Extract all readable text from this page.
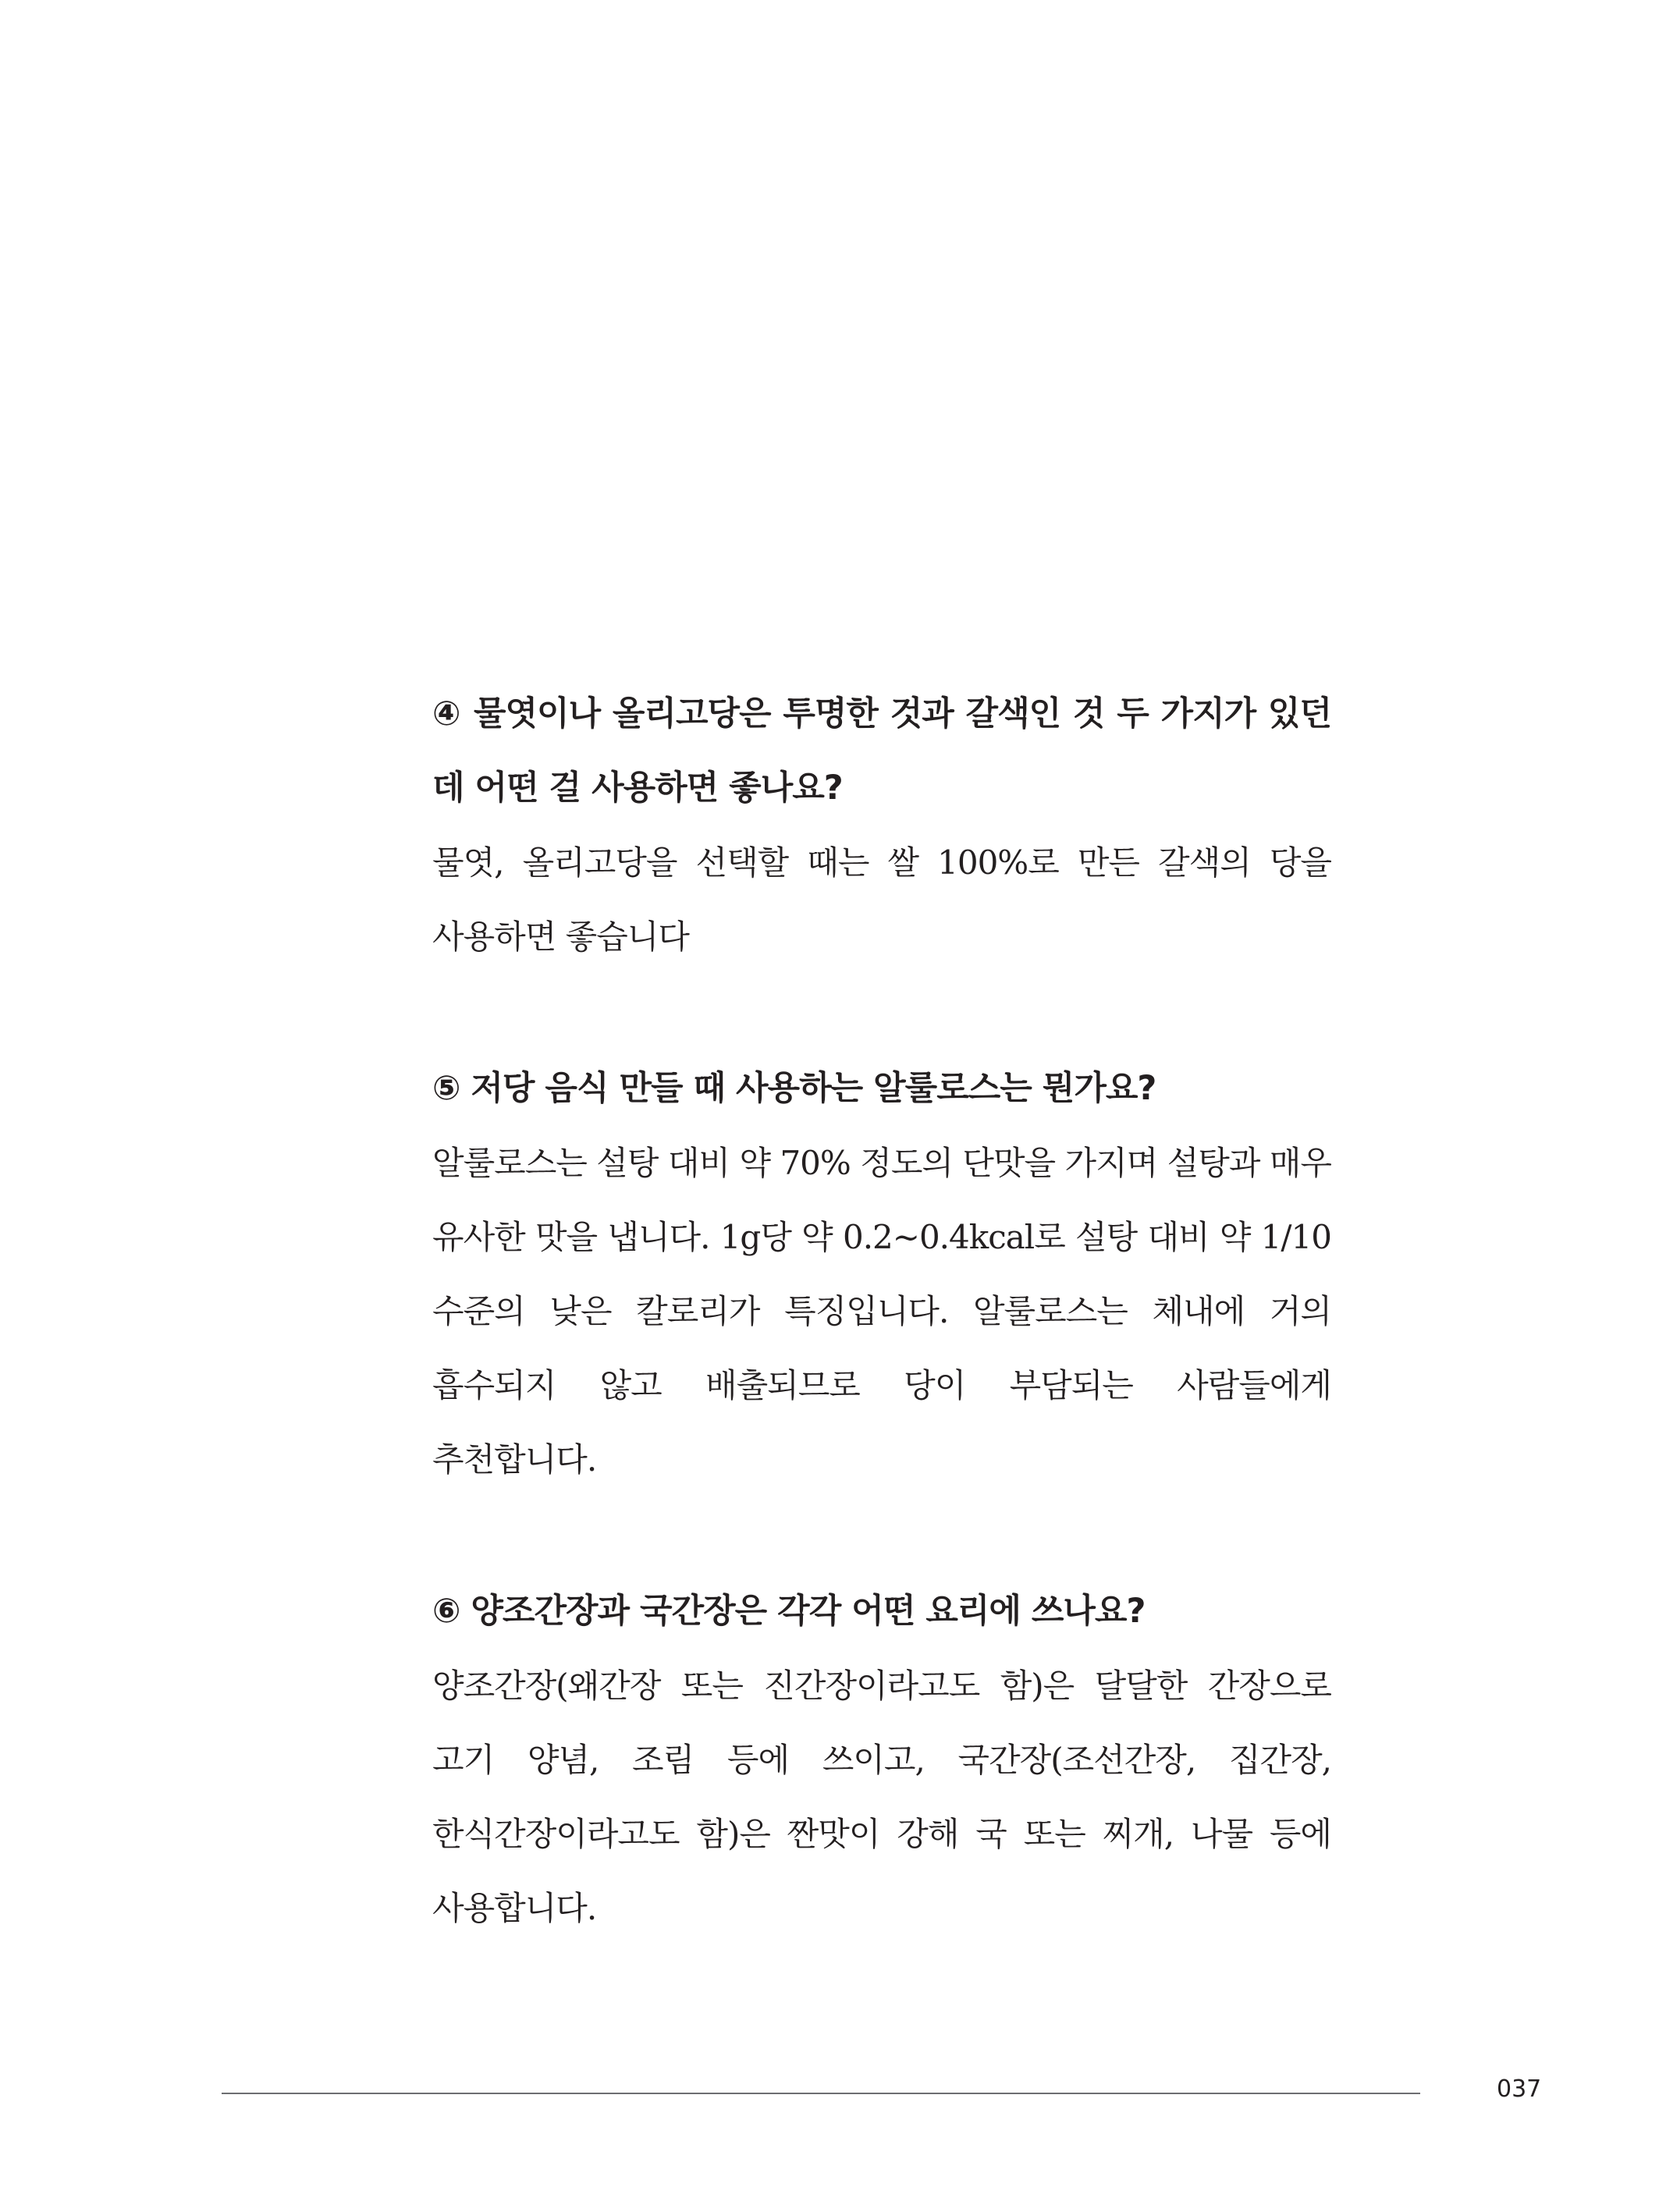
④ 물엿이나 올리고당은 투명한 것과 갈색인 것 두 가지가 있던데 어떤 걸 사용하면 좋나요?

물엿, 올리고당을 선택할 때는 쌀 100%로 만든 갈색의 당을 사용하면 좋습니다

⑤ 저당 음식 만들 때 사용하는 알룰로스는 뭔가요?

알룰로스는 설탕 대비 약 70% 정도의 단맛을 가지며 설탕과 매우 유사한 맛을 냅니다. 1g당 약 0.2~0.4kcal로 설탕 대비 약 1/10 수준의 낮은 칼로리가 특징입니다. 알룰로스는 체내에 거의 흡수되지 않고 배출되므로 당이 부담되는 사람들에게 추천합니다.

⑥ 양조간장과 국간장은 각각 어떤 요리에 쓰나요?

양조간장(왜간장 또는 진간장이라고도 함)은 달달한 간장으로 고기 양념, 조림 등에 쓰이고, 국간장(조선간장, 집간장, 한식간장이라고도 함)은 짠맛이 강해 국 또는 찌개, 나물 등에 사용합니다.

037
